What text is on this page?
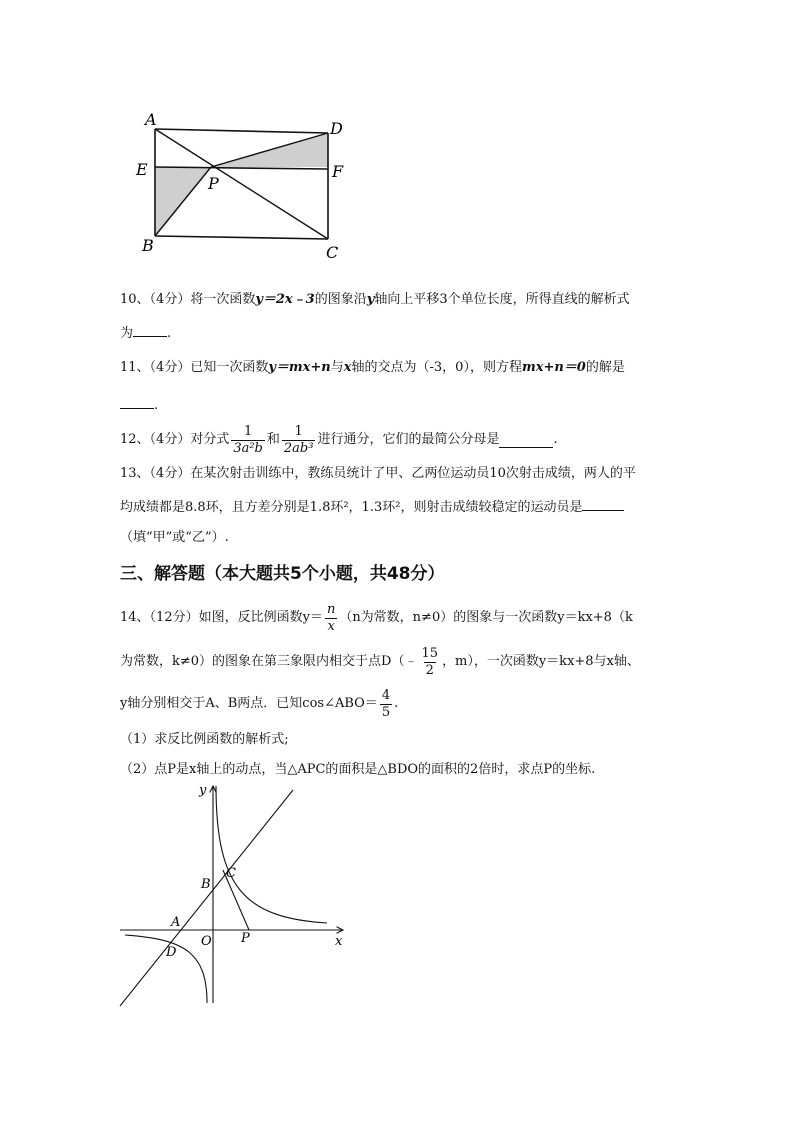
A	D
E
P
F
B	C
10、（4分）将一次函数y＝2x﹣3的图象沿y轴向上平移3个单位长度，所得直线的解析式
为	.
11、（4分）已知一次函数y＝mx+n与x轴的交点为（-3，0），则方程mx+n＝0的解是
.
12、（4分）对分式 $\frac{1}{\text{3a²b}}$ 和 $\frac{1}{\text{2ab³}}$ 进行通分，它们的最简公分母是	.
13、（4分）在某次射击训练中，教练员统计了甲、乙两位运动员10次射击成绩，两人的平
均成绩都是8.8环，且方差分别是1.8环²，1.3环²，则射击成绩较稳定的运动员是
（填“甲”或“乙”）.
三、解答题（本大题共5个小题，共48分）
14、（12分）如图，反比例函数$y= \frac{n}{x} (n$为常数，n≠0）的图象与一次函数y＝kx+8（k
为常数，k≠0）的图象在第三象限内相交于点D（﹣ $\frac{15}{2}$ ，m），一次函数y＝kx+8与x轴、
y轴分别相交于A、B两点．已知cos∠ABO＝ $\frac{4}{5}$ .
（1）求反比例函数的解析式;
（2）点P是x轴上的动点，当△APC的面积是△BDO的面积的2倍时，求点P的坐标.
y
x
C
B
A
O P
D
